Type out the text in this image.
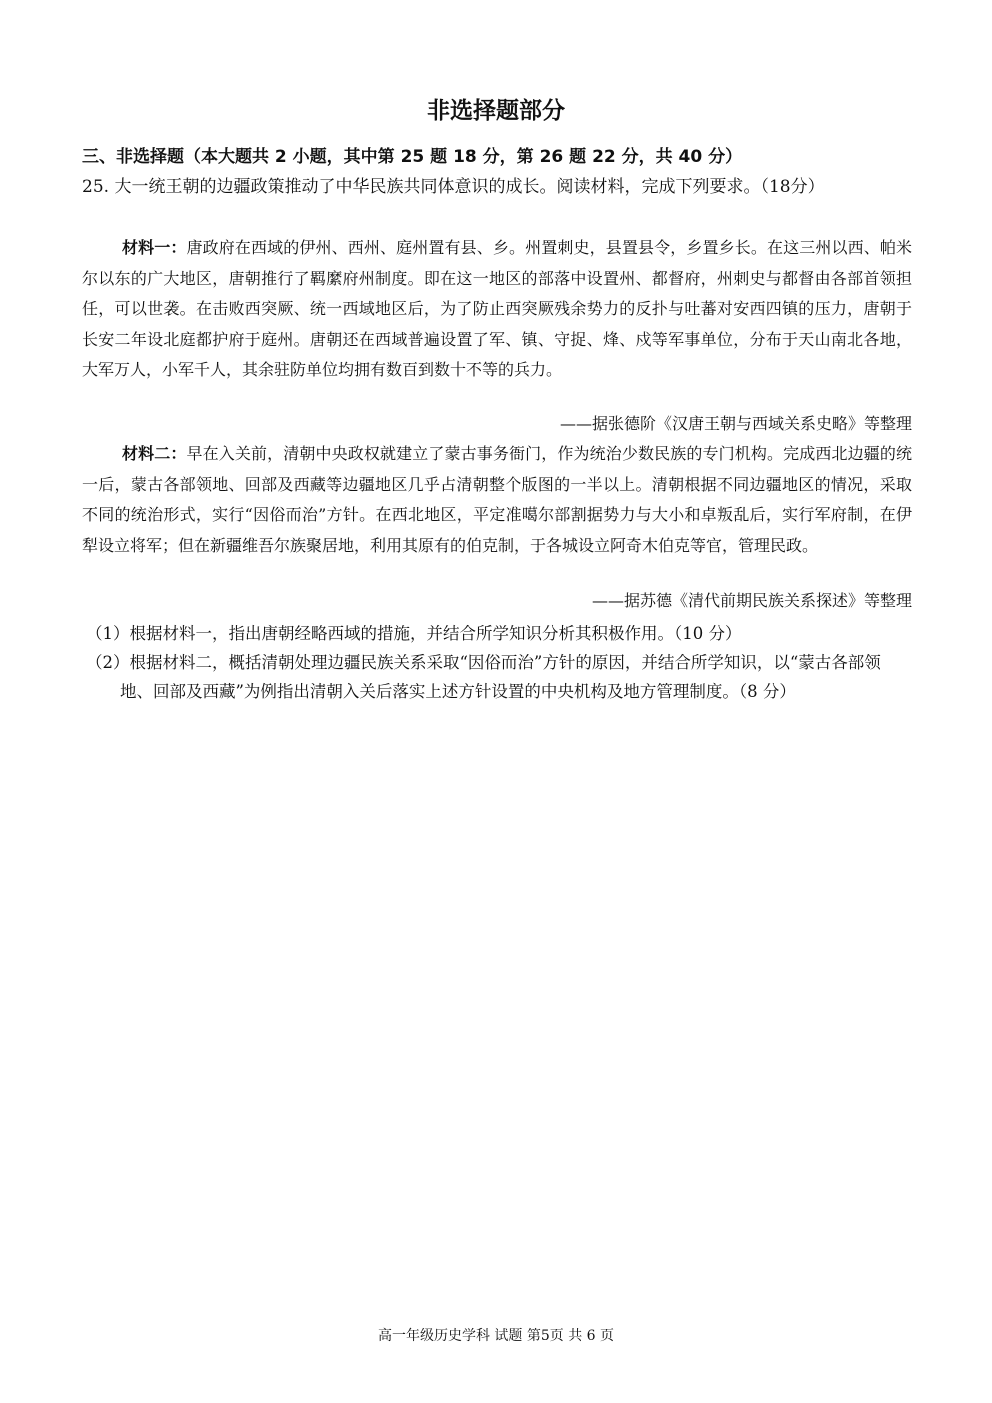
非选择题部分
三、非选择题（本大题共 2 小题，其中第 25 题 18 分，第 26 题 22 分，共 40 分）
25. 大一统王朝的边疆政策推动了中华民族共同体意识的成长。阅读材料，完成下列要求。（18分）
材料一：唐政府在西域的伊州、西州、庭州置有县、乡。州置刺史，县置县令，乡置乡长。在这三州以西、帕米尔以东的广大地区，唐朝推行了羁縻府州制度。即在这一地区的部落中设置州、都督府，州刺史与都督由各部首领担任，可以世袭。在击败西突厥、统一西域地区后，为了防止西突厥残余势力的反扑与吐蕃对安西四镇的压力，唐朝于长安二年设北庭都护府于庭州。唐朝还在西域普遍设置了军、镇、守捉、烽、戍等军事单位，分布于天山南北各地，大军万人，小军千人，其余驻防单位均拥有数百到数十不等的兵力。
——据张德阶《汉唐王朝与西域关系史略》等整理
材料二：早在入关前，清朝中央政权就建立了蒙古事务衙门，作为统治少数民族的专门机构。完成西北边疆的统一后，蒙古各部领地、回部及西藏等边疆地区几乎占清朝整个版图的一半以上。清朝根据不同边疆地区的情况，采取不同的统治形式，实行“因俗而治”方针。在西北地区，平定准噶尔部割据势力与大小和卓叛乱后，实行军府制，在伊犁设立将军；但在新疆维吾尔族聚居地，利用其原有的伯克制，于各城设立阿奇木伯克等官，管理民政。
——据苏德《清代前期民族关系探述》等整理
（1）根据材料一，指出唐朝经略西域的措施，并结合所学知识分析其积极作用。（10 分）
（2）根据材料二，概括清朝处理边疆民族关系采取“因俗而治”方针的原因，并结合所学知识，以“蒙古各部领地、回部及西藏”为例指出清朝入关后落实上述方针设置的中央机构及地方管理制度。（8 分）
高一年级历史学科 试题 第5页 共 6 页
